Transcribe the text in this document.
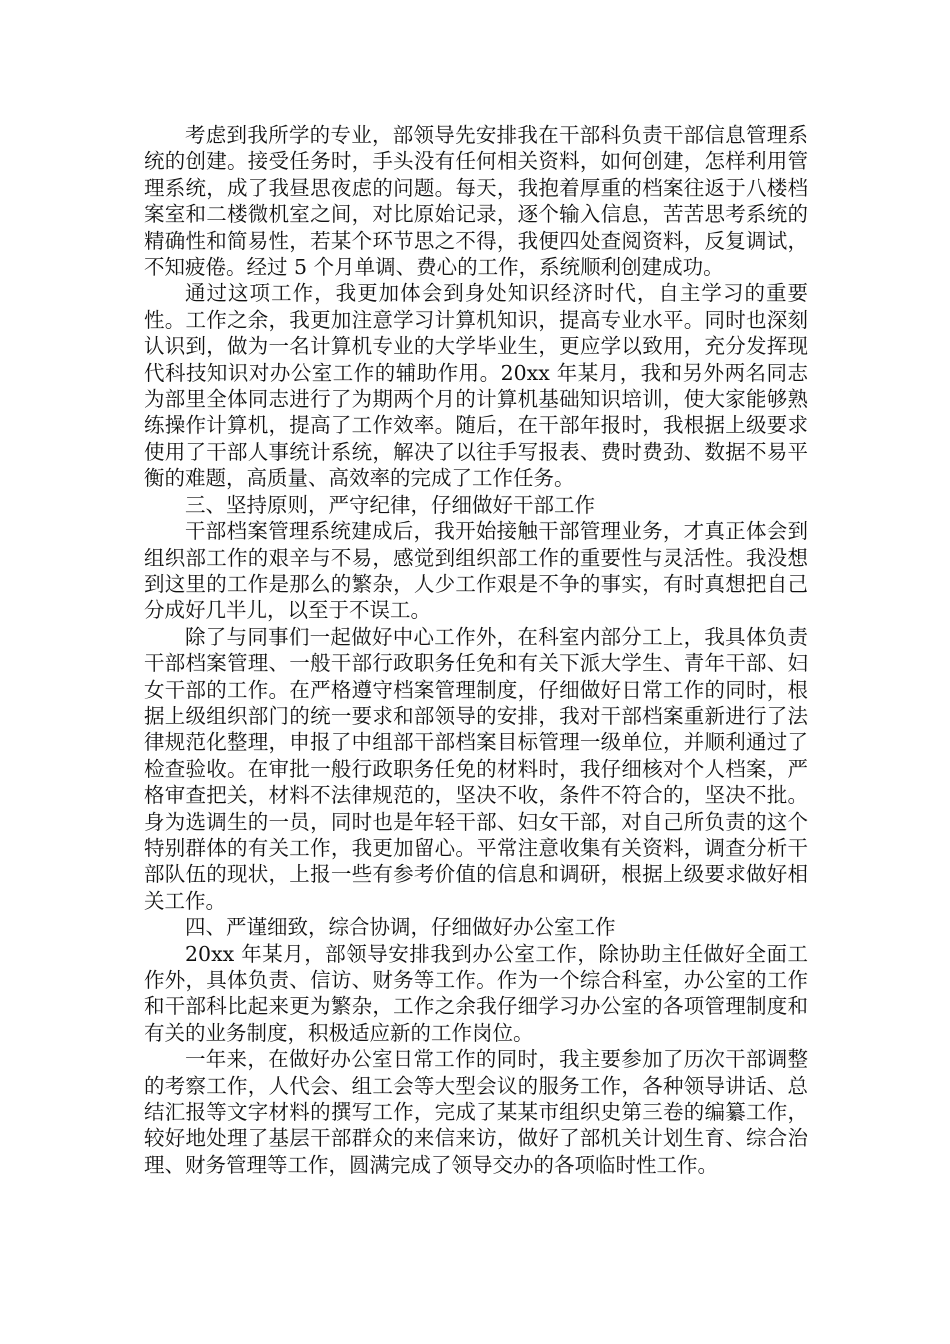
考虑到我所学的专业，部领导先安排我在干部科负责干部信息管理系统的创建。接受任务时，手头没有任何相关资料，如何创建，怎样利用管理系统，成了我昼思夜虑的问题。每天，我抱着厚重的档案往返于八楼档案室和二楼微机室之间，对比原始记录，逐个输入信息，苦苦思考系统的精确性和简易性，若某个环节思之不得，我便四处查阅资料，反复调试，不知疲倦。经过 5 个月单调、费心的工作，系统顺利创建成功。

通过这项工作，我更加体会到身处知识经济时代，自主学习的重要性。工作之余，我更加注意学习计算机知识，提高专业水平。同时也深刻认识到，做为一名计算机专业的大学毕业生，更应学以致用，充分发挥现代科技知识对办公室工作的辅助作用。20xx 年某月，我和另外两名同志为部里全体同志进行了为期两个月的计算机基础知识培训，使大家能够熟练操作计算机，提高了工作效率。随后，在干部年报时，我根据上级要求使用了干部人事统计系统，解决了以往手写报表、费时费劲、数据不易平衡的难题，高质量、高效率的完成了工作任务。

三、坚持原则，严守纪律，仔细做好干部工作

干部档案管理系统建成后，我开始接触干部管理业务，才真正体会到组织部工作的艰辛与不易，感觉到组织部工作的重要性与灵活性。我没想到这里的工作是那么的繁杂，人少工作艰是不争的事实，有时真想把自己分成好几半儿，以至于不误工。

除了与同事们一起做好中心工作外，在科室内部分工上，我具体负责干部档案管理、一般干部行政职务任免和有关下派大学生、青年干部、妇女干部的工作。在严格遵守档案管理制度，仔细做好日常工作的同时，根据上级组织部门的统一要求和部领导的安排，我对干部档案重新进行了法律规范化整理，申报了中组部干部档案目标管理一级单位，并顺利通过了检查验收。在审批一般行政职务任免的材料时，我仔细核对个人档案，严格审查把关，材料不法律规范的，坚决不收，条件不符合的，坚决不批。身为选调生的一员，同时也是年轻干部、妇女干部，对自己所负责的这个特别群体的有关工作，我更加留心。平常注意收集有关资料，调查分析干部队伍的现状，上报一些有参考价值的信息和调研，根据上级要求做好相关工作。

四、严谨细致，综合协调，仔细做好办公室工作

20xx 年某月，部领导安排我到办公室工作，除协助主任做好全面工作外，具体负责、信访、财务等工作。作为一个综合科室，办公室的工作和干部科比起来更为繁杂，工作之余我仔细学习办公室的各项管理制度和有关的业务制度，积极适应新的工作岗位。

一年来，在做好办公室日常工作的同时，我主要参加了历次干部调整的考察工作，人代会、组工会等大型会议的服务工作，各种领导讲话、总结汇报等文字材料的撰写工作，完成了某某市组织史第三卷的编纂工作，较好地处理了基层干部群众的来信来访，做好了部机关计划生育、综合治理、财务管理等工作，圆满完成了领导交办的各项临时性工作。
